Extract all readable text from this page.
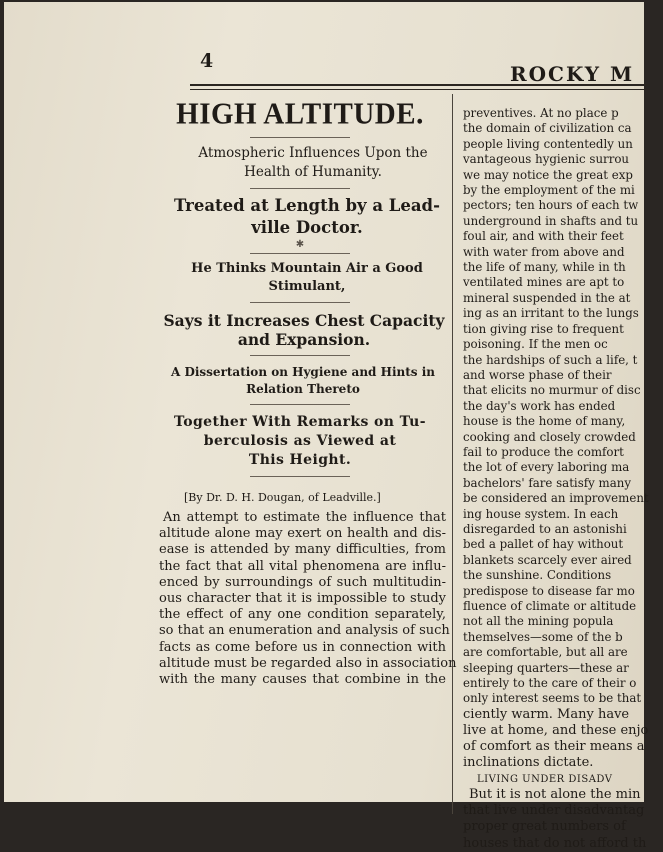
4
ROCKY M
HIGH ALTITUDE.
Atmospheric Influences Upon the
Health of Humanity.
Treated at Length by a Lead-
ville Doctor.
✱
He Thinks Mountain Air a Good
Stimulant,
Says it Increases Chest Capacity
and Expansion.
A Dissertation on Hygiene and Hints in
Relation Thereto
Together With Remarks on Tu-
berculosis as Viewed at
This Height.
[By Dr. D. H. Dougan, of Leadville.]
An attempt to estimate the influence that
altitude alone may exert on health and dis-
ease is attended by many difficulties, from
the fact that all vital phenomena are influ-
enced by surroundings of such multitudin-
ous character that it is impossible to study
the effect of any one condition separately,
so that an enumeration and analysis of such
facts as come before us in connection with
altitude must be regarded also in association
with the many causes that combine in the
preventives. At no place p
the domain of civilization ca
people living contentedly un
vantageous hygienic surrou
we may notice the great exp
by the employment of the mi
pectors; ten hours of each tw
underground in shafts and tu
foul air, and with their feet
with water from above and
the life of many, while in th
ventilated mines are apt to
mineral suspended in the at
ing as an irritant to the lungs
tion giving rise to frequent
poisoning. If the men oc
the hardships of such a life, t
and worse phase of their
that elicits no murmur of disc
the day's work has ended
house is the home of many,
cooking and closely crowded
fail to produce the comfort
the lot of every laboring ma
bachelors' fare satisfy many
be considered an improvement
ing house system. In each
disregarded to an astonishi
bed a pallet of hay without
blankets scarcely ever aired
the sunshine. Conditions
predispose to disease far mo
fluence of climate or altitude
not all the mining popula
themselves—some of the b
are comfortable, but all are
sleeping quarters—these ar
entirely to the care of their o
only interest seems to be that
ciently warm. Many have
live at home, and these enjo
of comfort as their means a
inclinations dictate.
LIVING UNDER DISADV
But it is not alone the min
that live under disadvantag
proper great numbers of
houses that do not afford th
